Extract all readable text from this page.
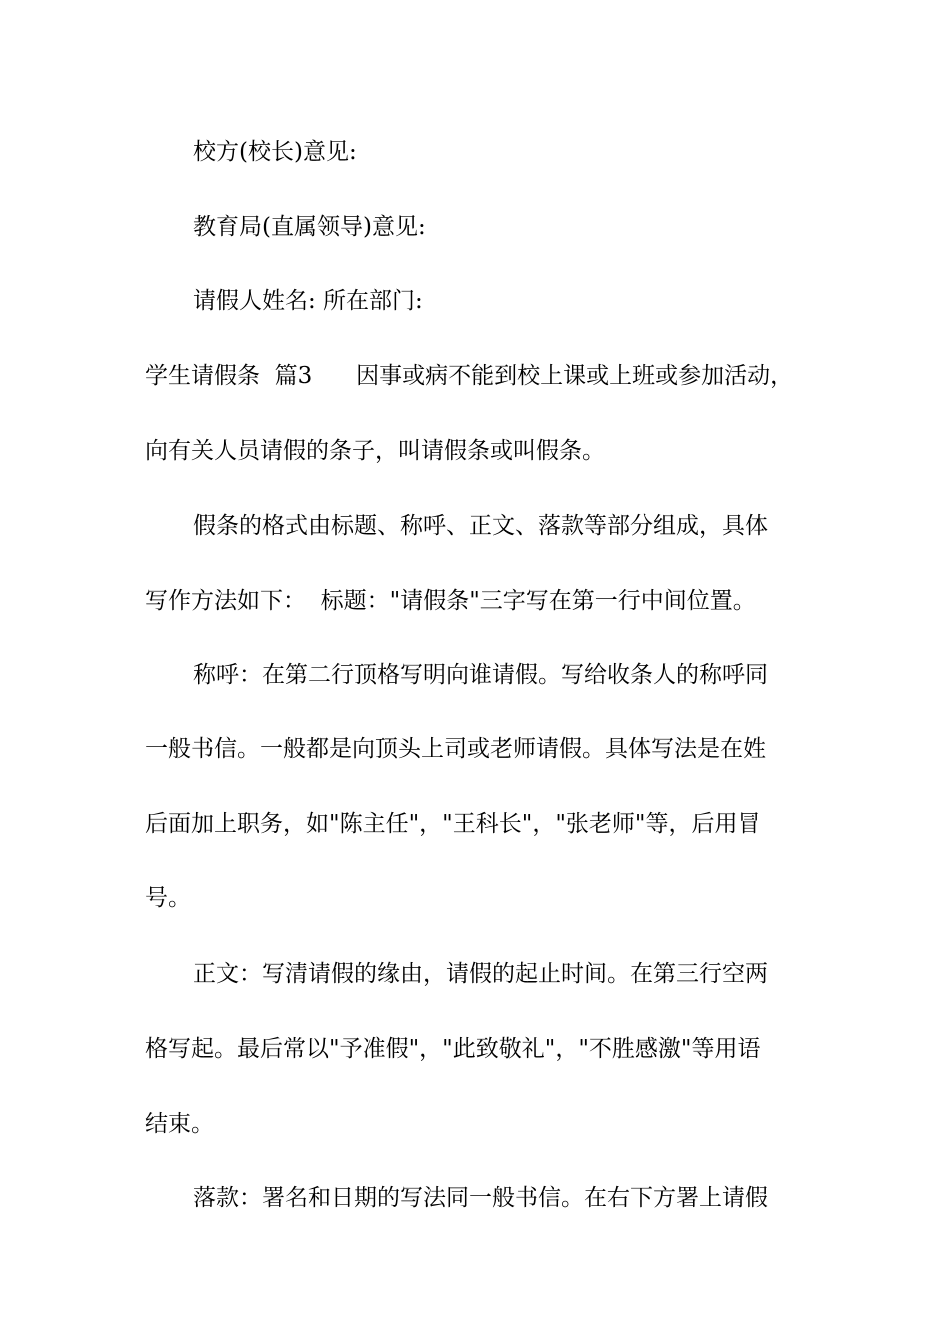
校方(校长)意见:
教育局(直属领导)意见:
请假人姓名: 所在部门:
学生请假条  篇3      因事或病不能到校上课或上班或参加活动，
向有关人员请假的条子，叫请假条或叫假条。
假条的格式由标题、称呼、正文、落款等部分组成，具体
写作方法如下：  标题："请假条"三字写在第一行中间位置。
称呼：在第二行顶格写明向谁请假。写给收条人的称呼同
一般书信。一般都是向顶头上司或老师请假。具体写法是在姓
后面加上职务，如"陈主任"，"王科长"，"张老师"等，后用冒
号。
正文：写清请假的缘由，请假的起止时间。在第三行空两
格写起。最后常以"予准假"，"此致敬礼"，"不胜感激"等用语
结束。
落款：署名和日期的写法同一般书信。在右下方署上请假
